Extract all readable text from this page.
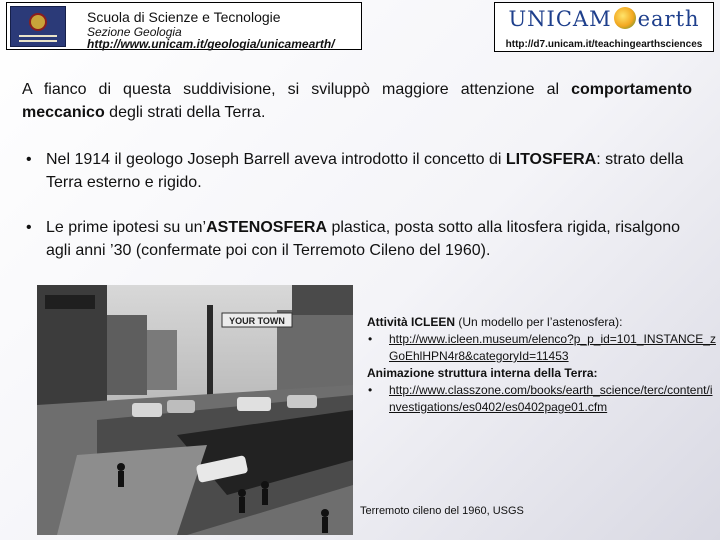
Scuola di Scienze e Tecnologie
Sezione Geologia
http://www.unicam.it/geologia/unicamearth/
UNICAM earth
http://d7.unicam.it/teachingearthsciences
A fianco di questa suddivisione, si sviluppò maggiore attenzione al comportamento meccanico degli strati della Terra.
• Nel 1914 il geologo Joseph Barrell aveva introdotto il concetto di LITOSFERA: strato della Terra esterno e rigido.
• Le prime ipotesi su un’ASTENOSFERA plastica, posta sotto alla litosfera rigida, risalgono agli anni ’30 (confermate poi con il Terremoto Cileno del 1960).
YOUR TOWN	Attività ICLEEN (Un modello per l’astenosfera):
• http://www.icleen.museum/elenco?p_p_id=101_INSTANCE_zGoEhlHPN4r8&categoryId=11453
Animazione struttura interna della Terra:
• http://www.classzone.com/books/earth_science/terc/content/investigations/es0402/es0402page01.cfm
Terremoto cileno del 1960, USGS
